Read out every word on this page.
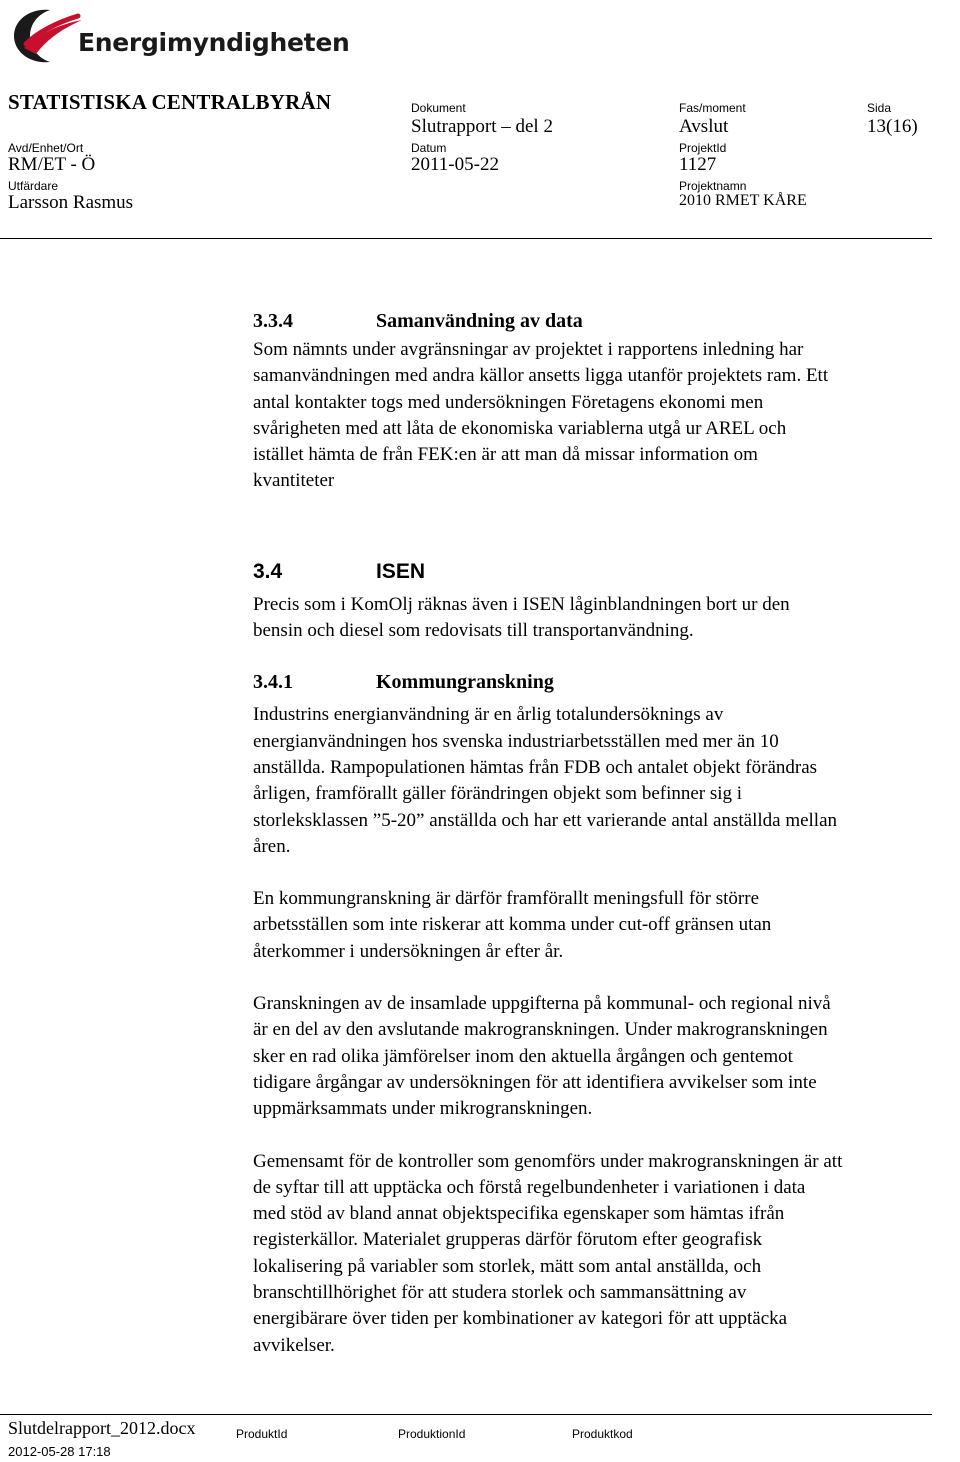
Energimyndigheten
STATISTISKA CENTRALBYRÅN	Dokument
Slutrapport – del 2
Fas/moment
Avslut
Sida
13(16)
Avd/Enhet/Ort
RM/ET - Ö
Datum
2011-05-22
ProjektId
1127
Utfärdare
Larsson Rasmus
Projektnamn
2010 RMET KÅRE
3.3.4	Samanvändning av data

Som nämnts under avgränsningar av projektet i rapportens inledning har

samanvändningen med andra källor ansetts ligga utanför projektets ram. Ett

antal kontakter togs med undersökningen Företagens ekonomi men

svårigheten med att låta de ekonomiska variablerna utgå ur AREL och

istället hämta de från FEK:en är att man då missar information om

kvantiteter

3.4	ISEN

Precis som i KomOlj räknas även i ISEN låginblandningen bort ur den

bensin och diesel som redovisats till transportanvändning.

3.4.1	Kommungranskning

Industrins energianvändning är en årlig totalundersöknings av

energianvändningen hos svenska industriarbetsställen med mer än 10

anställda. Rampopulationen hämtas från FDB och antalet objekt förändras

årligen, framförallt gäller förändringen objekt som befinner sig i

storleksklassen ”5-20” anställda och har ett varierande antal anställda mellan

åren.

En kommungranskning är därför framförallt meningsfull för större

arbetsställen som inte riskerar att komma under cut-off gränsen utan

återkommer i undersökningen år efter år.

Granskningen av de insamlade uppgifterna på kommunal- och regional nivå

är en del av den avslutande makrogranskningen. Under makrogranskningen

sker en rad olika jämförelser inom den aktuella årgången och gentemot

tidigare årgångar av undersökningen för att identifiera avvikelser som inte

uppmärksammats under mikrogranskningen.

Gemensamt för de kontroller som genomförs under makrogranskningen är att

de syftar till att upptäcka och förstå regelbundenheter i variationen i data

med stöd av bland annat objektspecifika egenskaper som hämtas ifrån

registerkällor. Materialet grupperas därför förutom efter geografisk

lokalisering på variabler som storlek, mätt som antal anställda, och

branschtillhörighet för att studera storlek och sammansättning av

energibärare över tiden per kombinationer av kategori för att upptäcka

avvikelser.

Slutdelrapport_2012.docx
2012-05-28 17:18
ProduktId	ProduktionId	Produktkod
